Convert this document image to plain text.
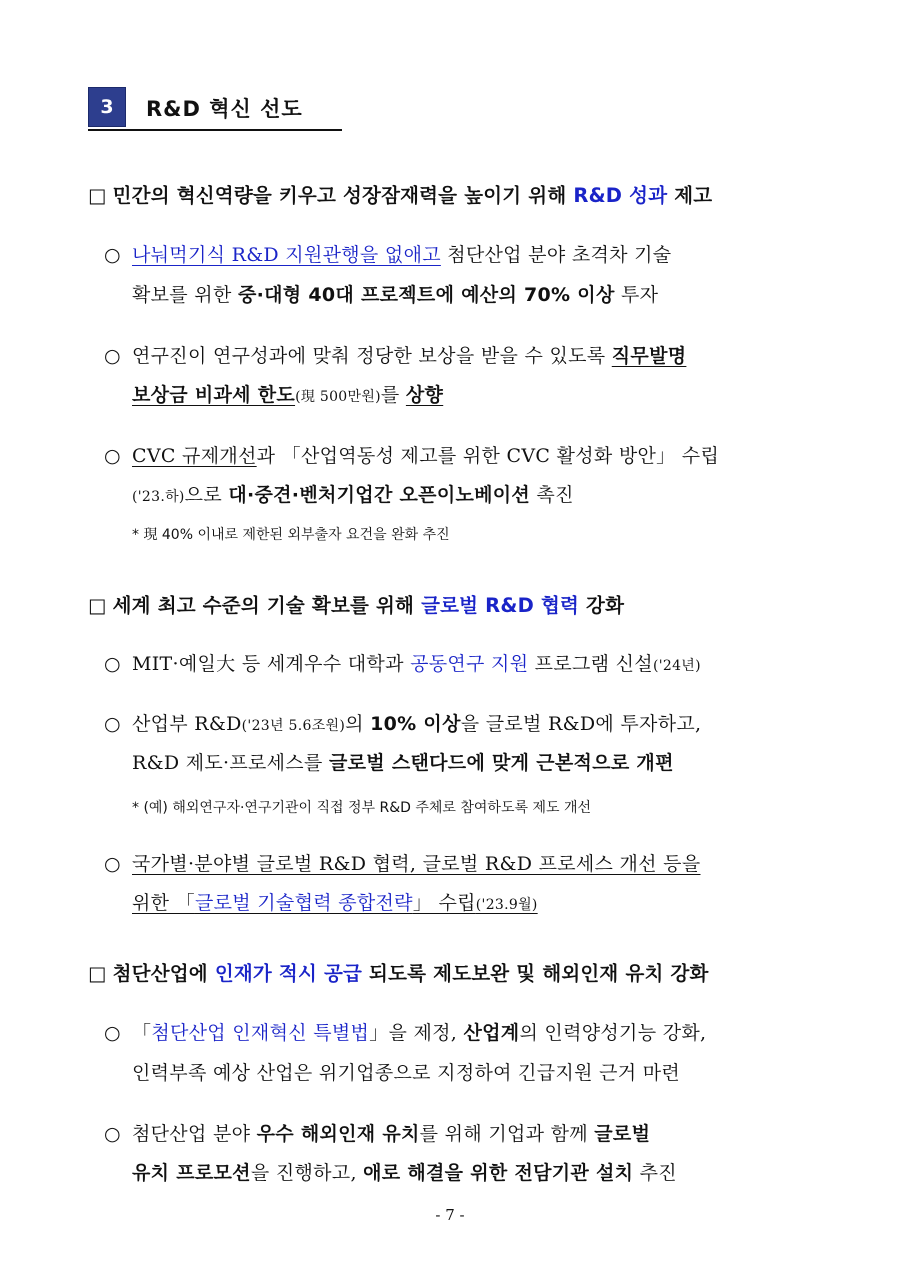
3	R&D 혁신 선도
□ 민간의 혁신역량을 키우고 성장잠재력을 높이기 위해 R&D 성과 제고
○ 나눠먹기식 R&D 지원관행을 없애고 첨단산업 분야 초격차 기술
확보를 위한 중·대형 40대 프로젝트에 예산의 70% 이상 투자
○ 연구진이 연구성과에 맞춰 정당한 보상을 받을 수 있도록 직무발명
보상금 비과세 한도(現 500만원)를 상향
○ CVC 규제개선과 「산업역동성 제고를 위한 CVC 활성화 방안」 수립
('23.하)으로 대·중견·벤처기업간 오픈이노베이션 촉진
* 現 40% 이내로 제한된 외부출자 요건을 완화 추진
□ 세계 최고 수준의 기술 확보를 위해 글로벌 R&D 협력 강화
○ MIT·예일大 등 세계우수 대학과 공동연구 지원 프로그램 신설('24년)
○ 산업부 R&D('23년 5.6조원)의 10% 이상을 글로벌 R&D에 투자하고,
R&D 제도·프로세스를 글로벌 스탠다드에 맞게 근본적으로 개편
* (예) 해외연구자·연구기관이 직접 정부 R&D 주체로 참여하도록 제도 개선
○ 국가별·분야별 글로벌 R&D 협력, 글로벌 R&D 프로세스 개선 등을
위한 「글로벌 기술협력 종합전략」 수립('23.9월)
□ 첨단산업에 인재가 적시 공급 되도록 제도보완 및 해외인재 유치 강화
○ 「첨단산업 인재혁신 특별법」을 제정, 산업계의 인력양성기능 강화,
인력부족 예상 산업은 위기업종으로 지정하여 긴급지원 근거 마련
○ 첨단산업 분야 우수 해외인재 유치를 위해 기업과 함께 글로벌
유치 프로모션을 진행하고, 애로 해결을 위한 전담기관 설치 추진
- 7 -
